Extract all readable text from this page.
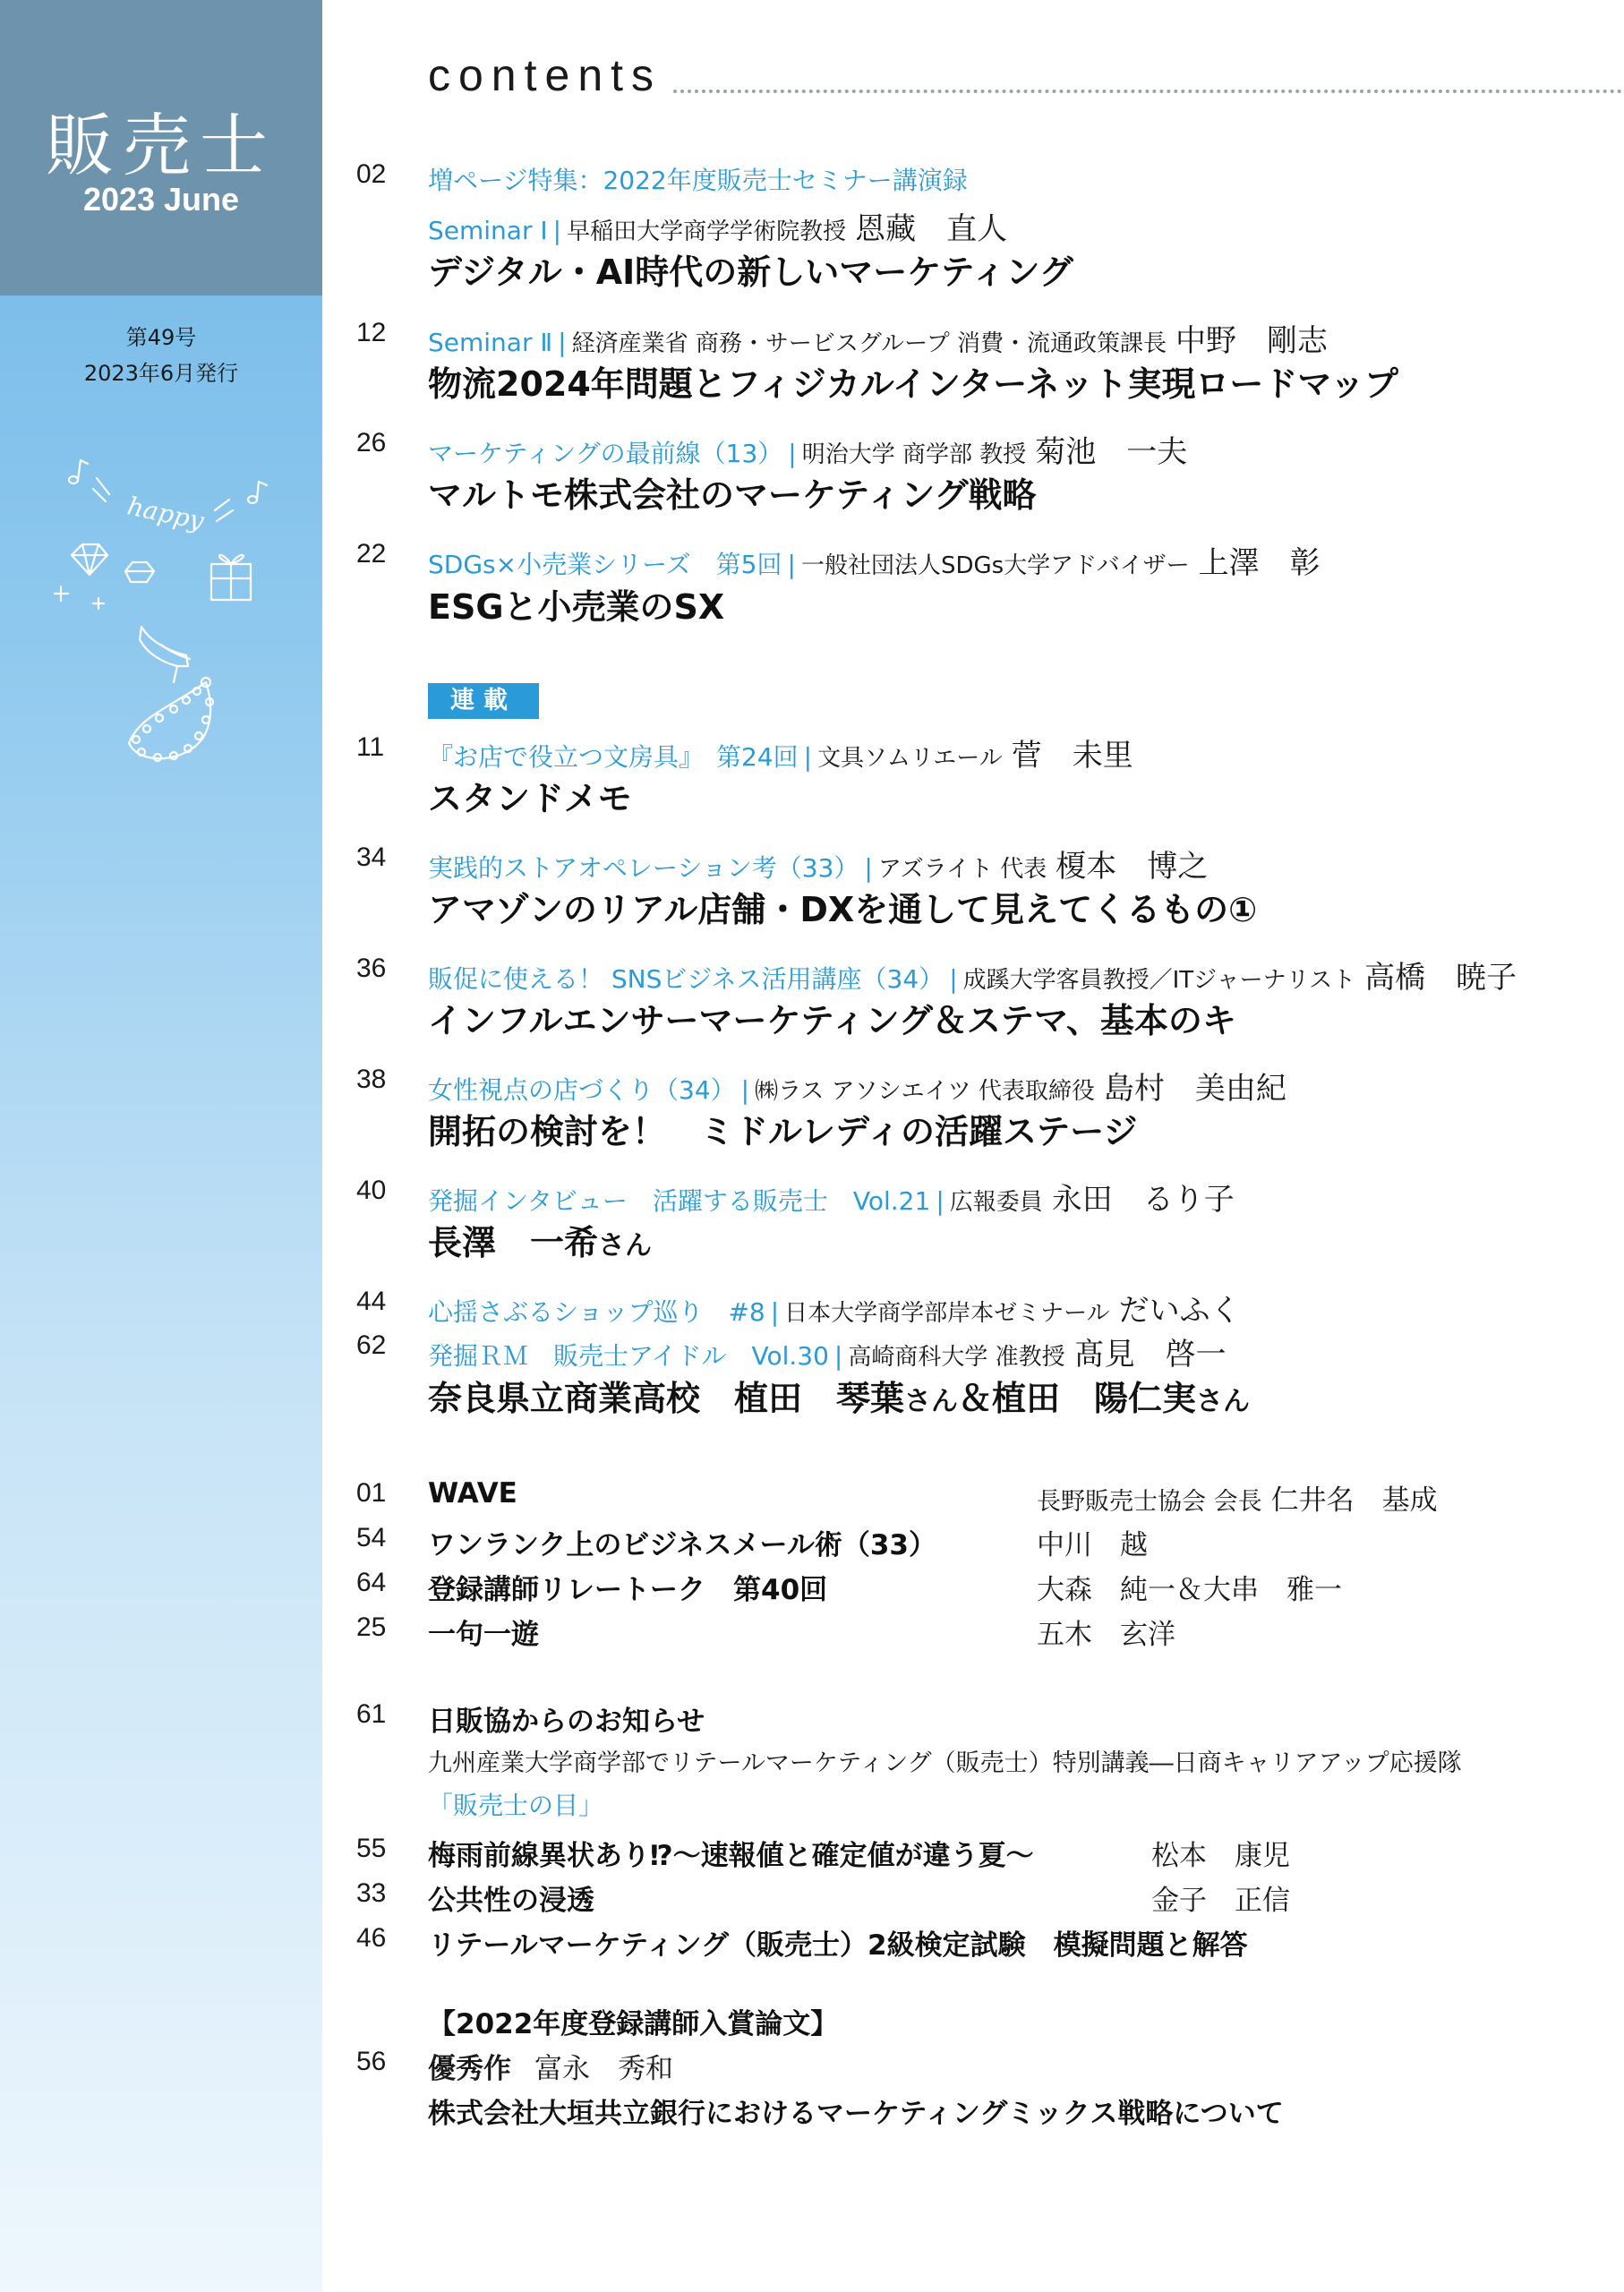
販売士
2023 June
第49号
2023年6月発行
happy
contents
02 増ページ特集：2022年度販売士セミナー講演録
Seminar Ⅰ | 早稲田大学商学学術院教授 恩藏　直人
デジタル・AI時代の新しいマーケティング
12 Seminar Ⅱ | 経済産業省 商務・サービスグループ 消費・流通政策課長 中野　剛志
物流2024年問題とフィジカルインターネット実現ロードマップ
26 マーケティングの最前線（13） | 明治大学 商学部 教授 菊池　一夫
マルトモ株式会社のマーケティング戦略
22 SDGs×小売業シリーズ　第5回 | 一般社団法人SDGs大学アドバイザー 上澤　彰
ESGと小売業のSX
連載
11 『お店で役立つ文房具』　第24回 | 文具ソムリエール 菅　未里
スタンドメモ
34 実践的ストアオペレーション考（33） | アズライト 代表 榎本　博之
アマゾンのリアル店舗・DXを通して見えてくるもの①
36 販促に使える！ SNSビジネス活用講座（34） | 成蹊大学客員教授／ITジャーナリスト 高橋　暁子
インフルエンサーマーケティング＆ステマ、基本のキ
38 女性視点の店づくり（34） | ㈱ラス アソシエイツ 代表取締役 島村　美由紀
開拓の検討を！　ミドルレディの活躍ステージ
40 発掘インタビュー　活躍する販売士　Vol.21 | 広報委員 永田　るり子
長澤　一希さん
44 心揺さぶるショップ巡り　#8 | 日本大学商学部岸本ゼミナール だいふく
62 発掘ＲＭ　販売士アイドル　Vol.30 | 高崎商科大学 准教授 髙見　啓一
奈良県立商業高校　植田　琴葉さん＆植田　陽仁実さん
01 WAVE	長野販売士協会 会長 仁井名　基成
54 ワンランク上のビジネスメール術（33）	中川　越
64 登録講師リレートーク　第40回	大森　純一＆大串　雅一
25 一句一遊	五木　玄洋
61 日販協からのお知らせ
九州産業大学商学部でリテールマーケティング（販売士）特別講義―日商キャリアアップ応援隊
「販売士の目」
55 梅雨前線異状あり⁉～速報値と確定値が違う夏～	松本　康児
33 公共性の浸透	金子　正信
46 リテールマーケティング（販売士）2級検定試験　模擬問題と解答
【2022年度登録講師入賞論文】
56 優秀作 富永　秀和
株式会社大垣共立銀行におけるマーケティングミックス戦略について
